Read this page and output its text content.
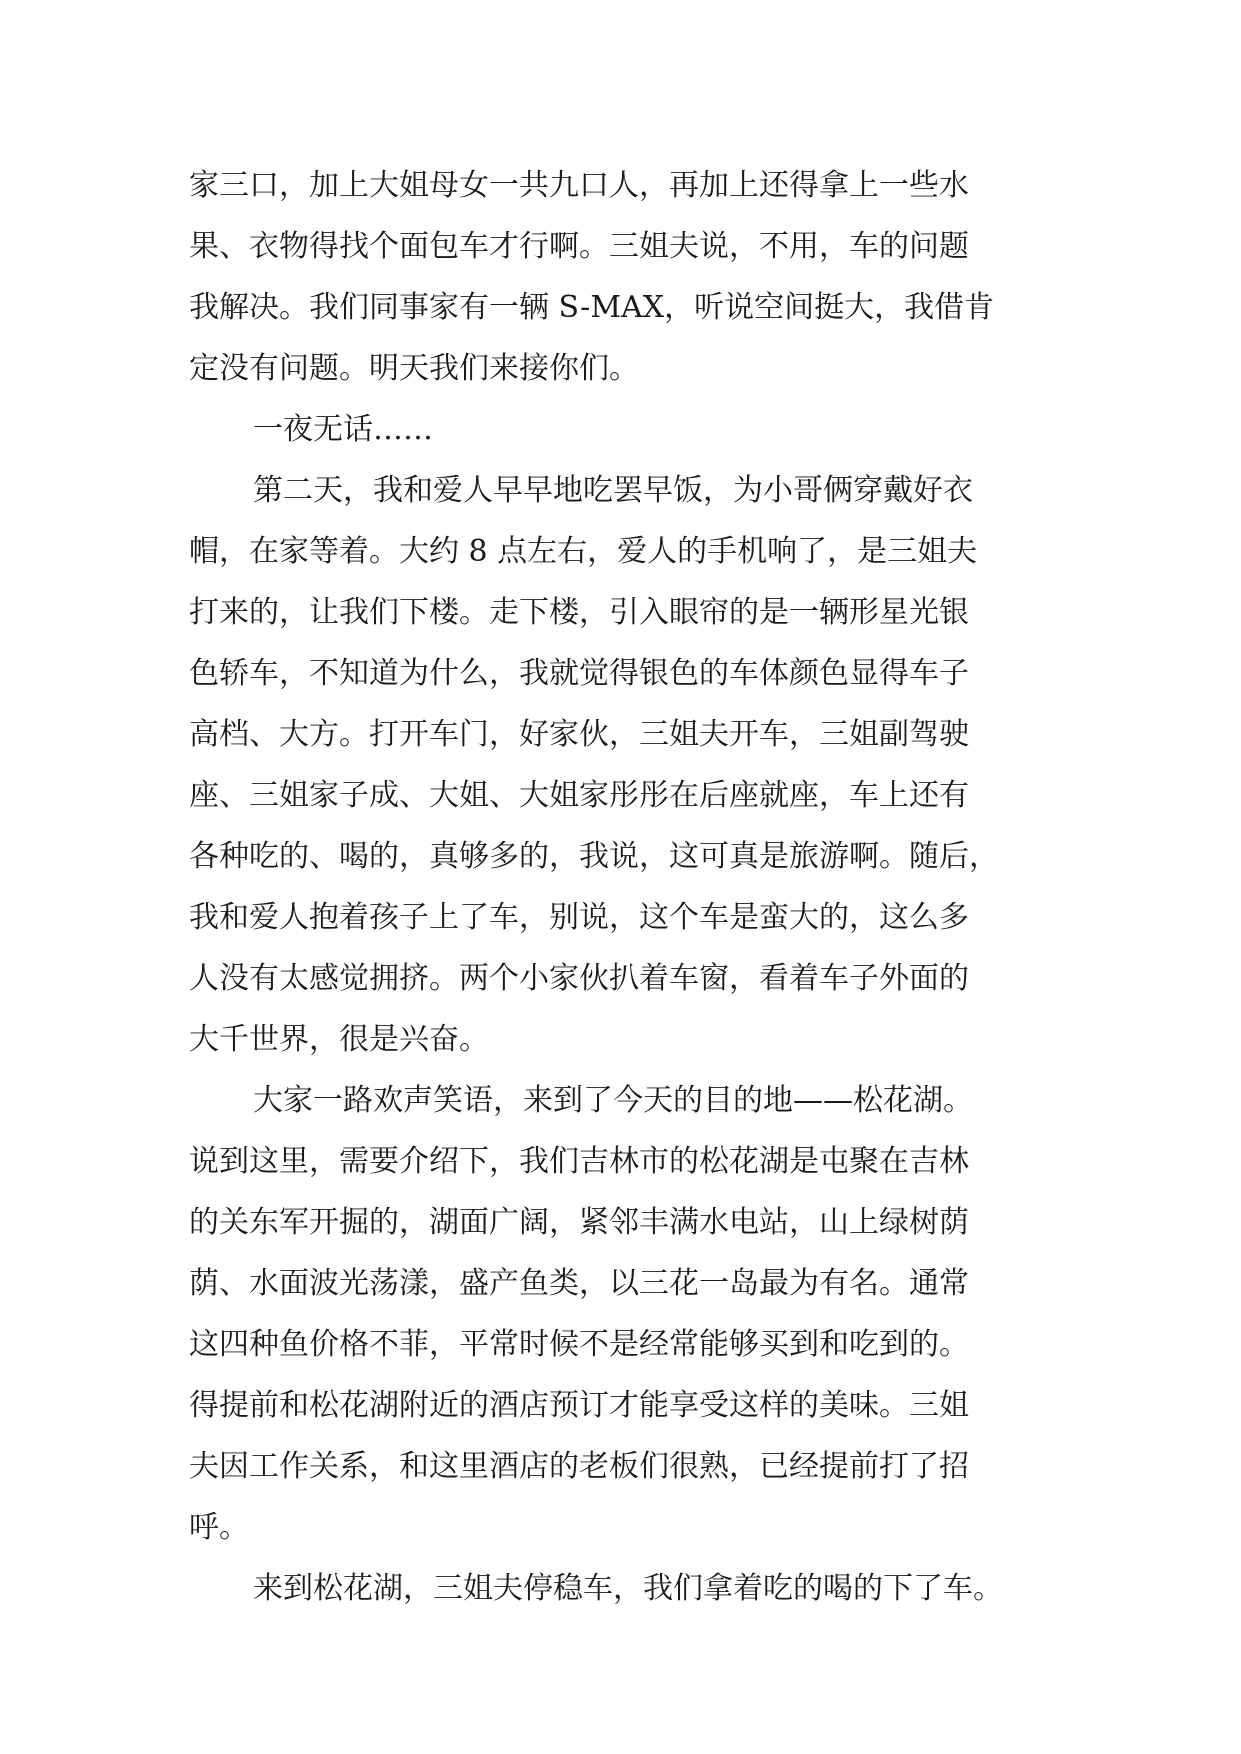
家三口，加上大姐母女一共九口人，再加上还得拿上一些水
果、衣物得找个面包车才行啊。三姐夫说，不用，车的问题
我解决。我们同事家有一辆 S-MAX，听说空间挺大，我借肯
定没有问题。明天我们来接你们。

一夜无话……

第二天，我和爱人早早地吃罢早饭，为小哥俩穿戴好衣
帽，在家等着。大约 8 点左右，爱人的手机响了，是三姐夫
打来的，让我们下楼。走下楼，引入眼帘的是一辆形星光银
色轿车，不知道为什么，我就觉得银色的车体颜色显得车子
高档、大方。打开车门，好家伙，三姐夫开车，三姐副驾驶
座、三姐家子成、大姐、大姐家彤彤在后座就座，车上还有
各种吃的、喝的，真够多的，我说，这可真是旅游啊。随后，
我和爱人抱着孩子上了车，别说，这个车是蛮大的，这么多
人没有太感觉拥挤。两个小家伙扒着车窗，看着车子外面的
大千世界，很是兴奋。

大家一路欢声笑语，来到了今天的目的地——松花湖。
说到这里，需要介绍下，我们吉林市的松花湖是屯聚在吉林
的关东军开掘的，湖面广阔，紧邻丰满水电站，山上绿树荫
荫、水面波光荡漾，盛产鱼类，以三花一岛最为有名。通常
这四种鱼价格不菲，平常时候不是经常能够买到和吃到的。
得提前和松花湖附近的酒店预订才能享受这样的美味。三姐
夫因工作关系，和这里酒店的老板们很熟，已经提前打了招
呼。

来到松花湖，三姐夫停稳车，我们拿着吃的喝的下了车。
